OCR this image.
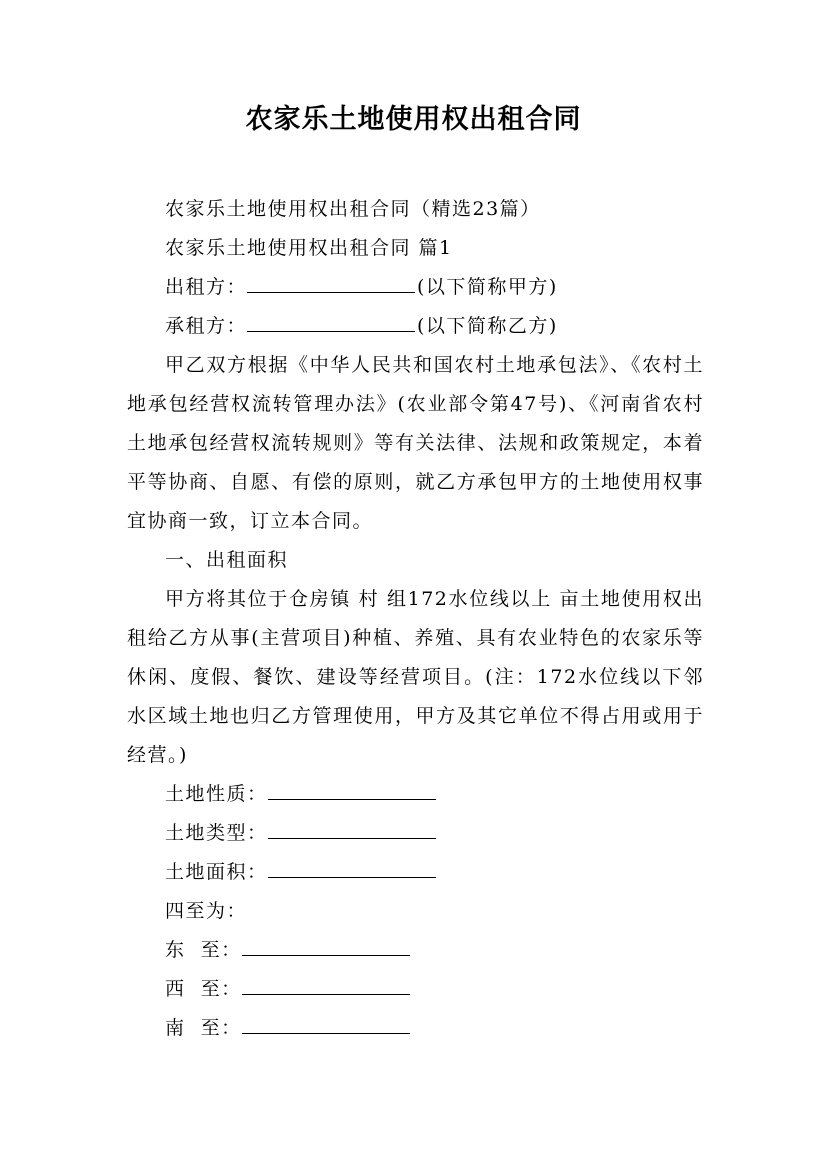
农家乐土地使用权出租合同

农家乐土地使用权出租合同（精选23篇）

农家乐土地使用权出租合同 篇1

出租方：	(以下简称甲方)

承租方：	(以下简称乙方)

甲乙双方根据《中华人民共和国农村土地承包法》、《农村土地承包经营权流转管理办法》(农业部令第47号)、《河南省农村土地承包经营权流转规则》等有关法律、法规和政策规定，本着平等协商、自愿、有偿的原则，就乙方承包甲方的土地使用权事宜协商一致，订立本合同。

一、出租面积

甲方将其位于仓房镇 村 组172水位线以上 亩土地使用权出租给乙方从事(主营项目)种植、养殖、具有农业特色的农家乐等休闲、度假、餐饮、建设等经营项目。(注：172水位线以下邻水区域土地也归乙方管理使用，甲方及其它单位不得占用或用于经营。)

土地性质：

土地类型：

土地面积：

四至为：

东  至：

西  至：

南  至：
